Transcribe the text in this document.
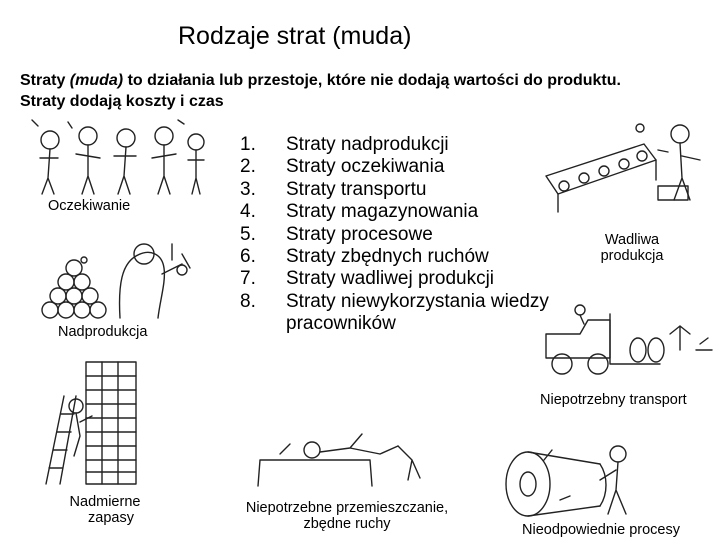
Rodzaje strat (muda)
Straty (muda) to działania lub przestoje, które nie dodają wartości do produktu.
Straty dodają koszty i czas
1.	Straty nadprodukcji
2.	Straty oczekiwania
3.	Straty transportu
4.	Straty magazynowania
5.	Straty procesowe
6.	Straty zbędnych ruchów
7.	Straty wadliwej produkcji
8.	Straty niewykorzystania wiedzy
pracowników
Oczekiwanie
Nadprodukcja
Nadmierne
zapasy
Wadliwa
produkcja
Niepotrzebny transport
Niepotrzebne przemieszczanie,
zbędne ruchy	Nieodpowiednie procesy
